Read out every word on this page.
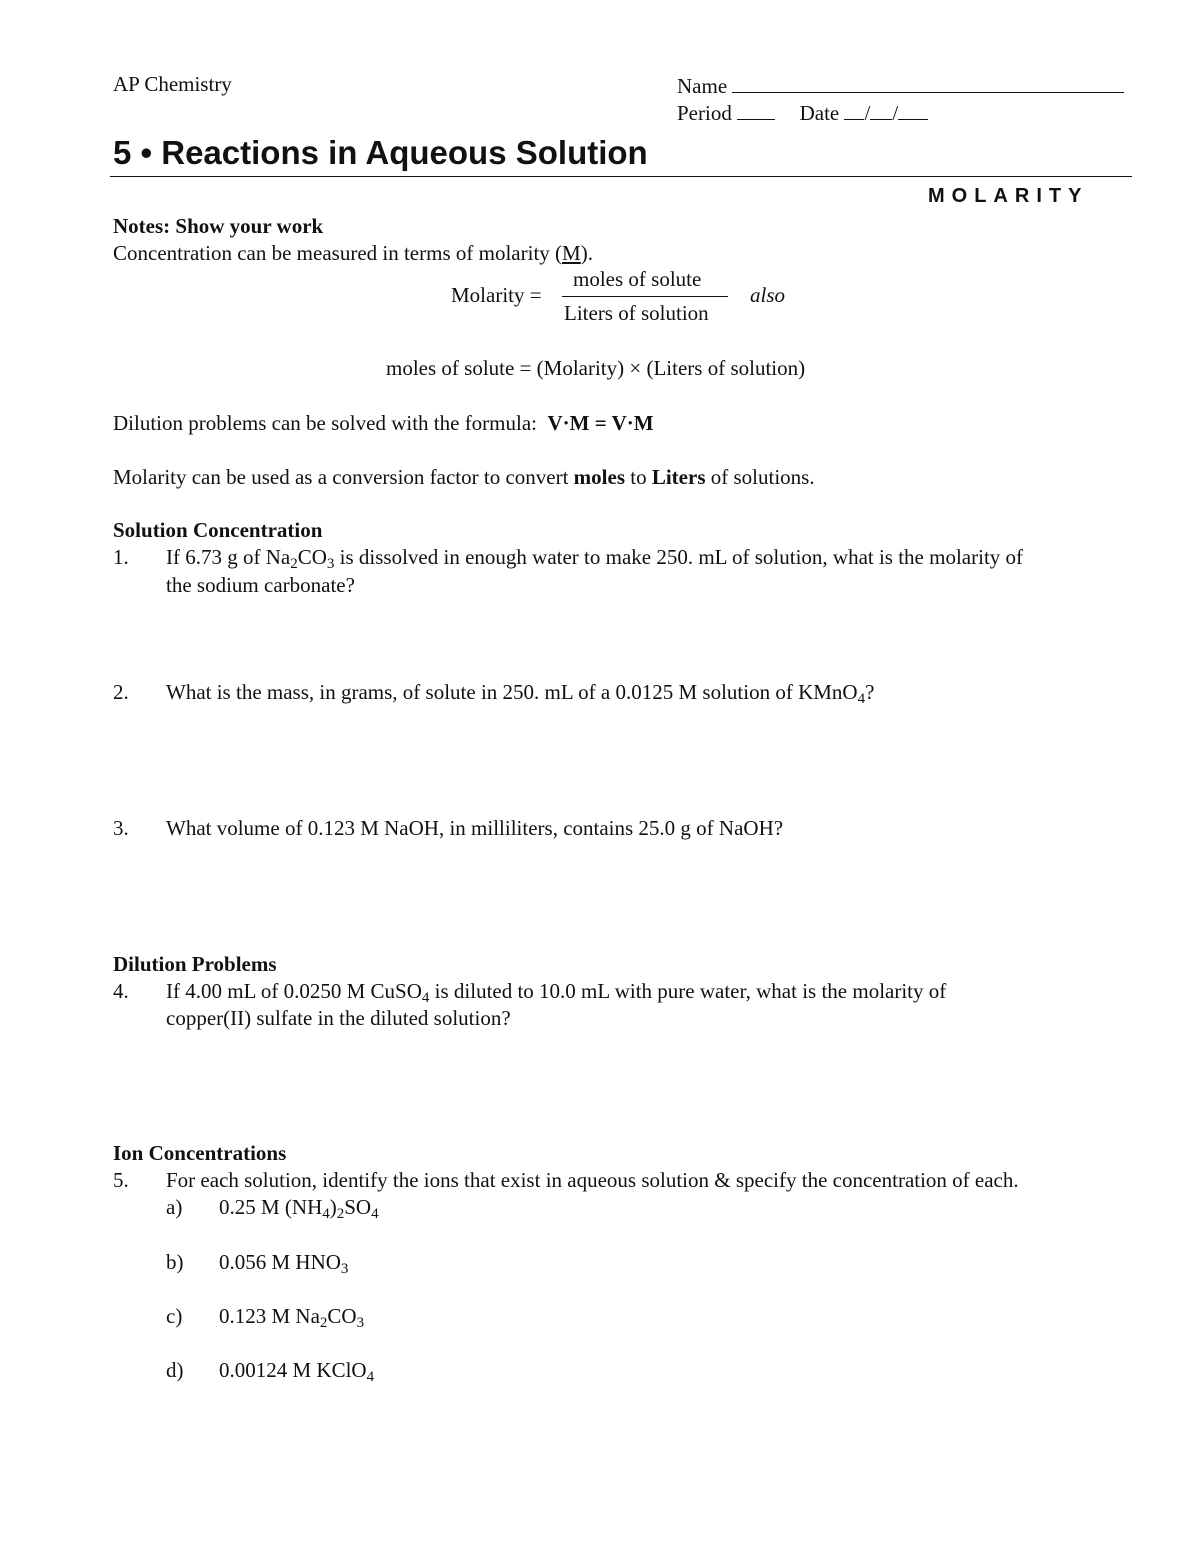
AP Chemistry	Name
Period	Date / /
5 • Reactions in Aqueous Solution
MOLARITY
Notes: Show your work
Concentration can be measured in terms of molarity (M).
Molarity =
moles of solute
Liters of solution
also
moles of solute = (Molarity) × (Liters of solution)
Dilution problems can be solved with the formula: V·M = V·M
Molarity can be used as a conversion factor to convert moles to Liters of solutions.
Solution Concentration
1. If 6.73 g of $Na_2CO_3$ is dissolved in enough water to make 250. mL of solution, what is the molarity of
the sodium carbonate?
2. What is the mass, in grams, of solute in 250. mL of a 0.0125 M solution of KMnO$_4$?
3. What volume of 0.123 M NaOH, in milliliters, contains 25.0 g of NaOH?
Dilution Problems
4. If 4.00 mL of 0.0250 M CuSO$_4$ is diluted to 10.0 mL with pure water, what is the molarity of
copper(II) sulfate in the diluted solution?
Ion Concentrations
5. For each solution, identify the ions that exist in aqueous solution & specify the concentration of each.
a) 0.25 M $(NH_4)_2SO_4$
b) 0.056 M $HNO_3$
c) 0.123 M $Na_2CO_3$
d) 0.00124 M KClO$_4$
